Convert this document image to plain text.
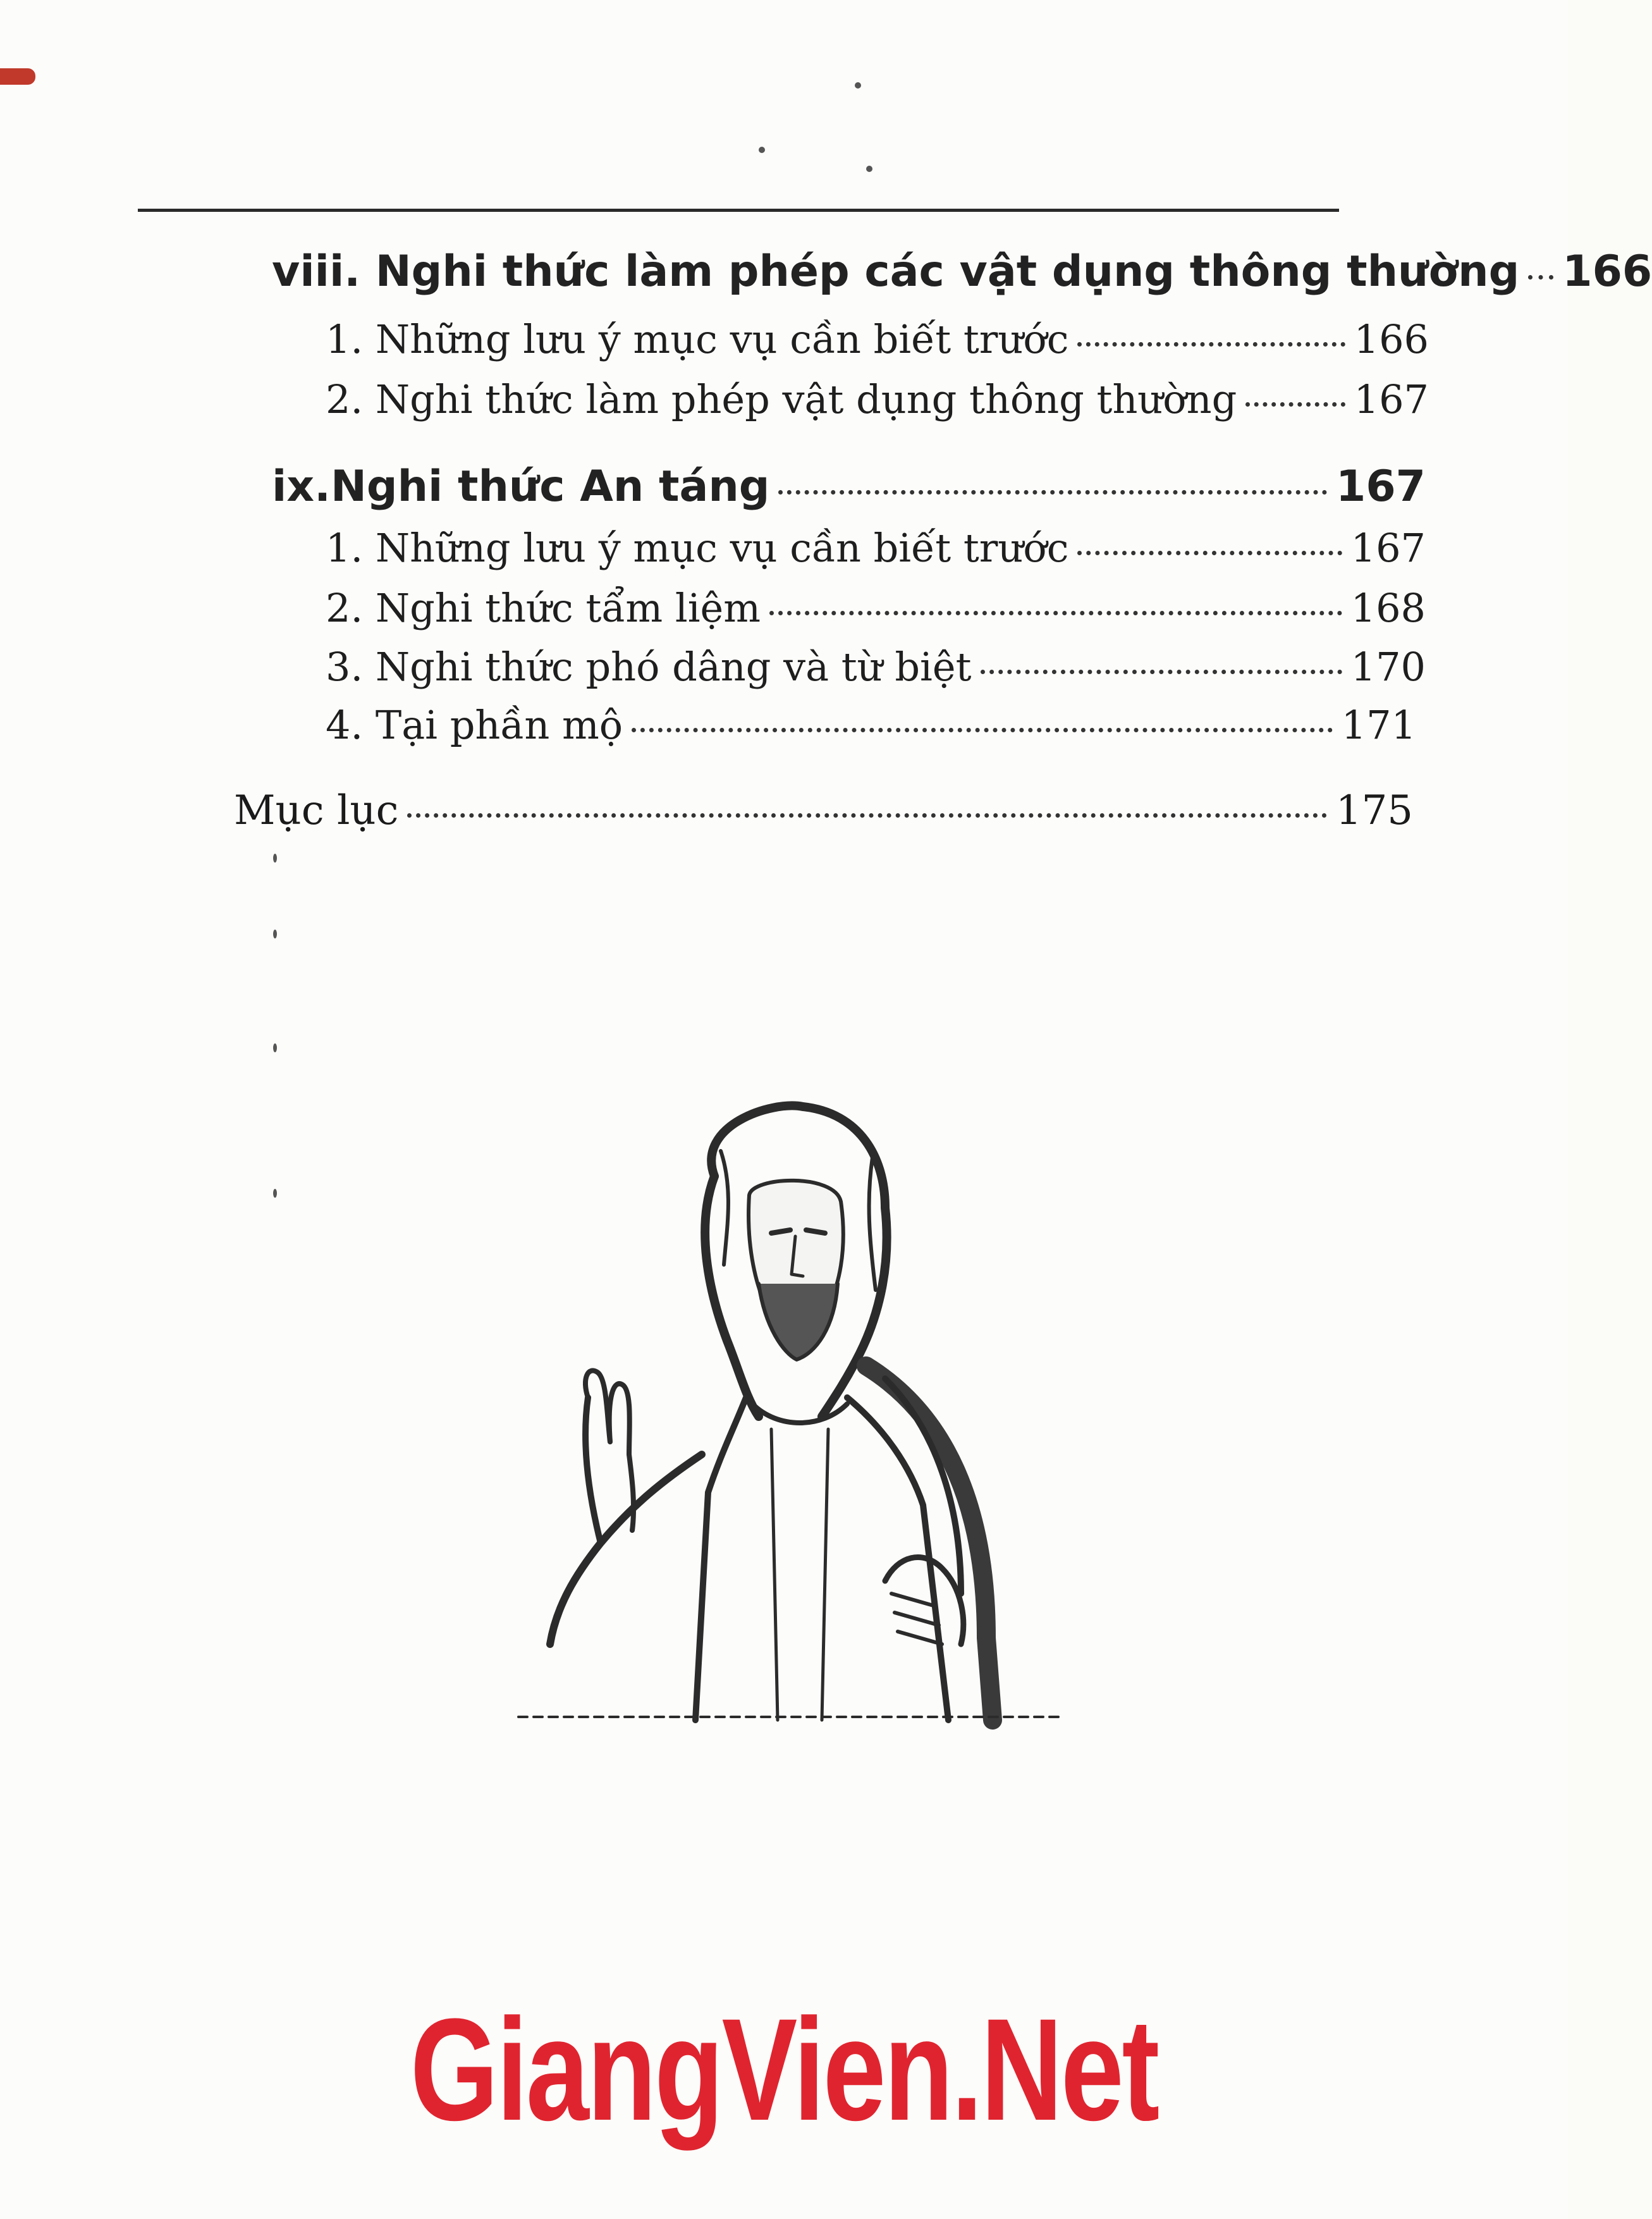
viii. Nghi thức làm phép các vật dụng thông thường 166
1. Những lưu ý mục vụ cần biết trước	166
2. Nghi thức làm phép vật dụng thông thường	167
ix.Nghi thức An táng	167
1. Những lưu ý mục vụ cần biết trước	167
2. Nghi thức tẩm liệm	168
3. Nghi thức phó dâng và từ biệt	170
4. Tại phần mộ	171
Mục lục	175
GiangVien.Net
